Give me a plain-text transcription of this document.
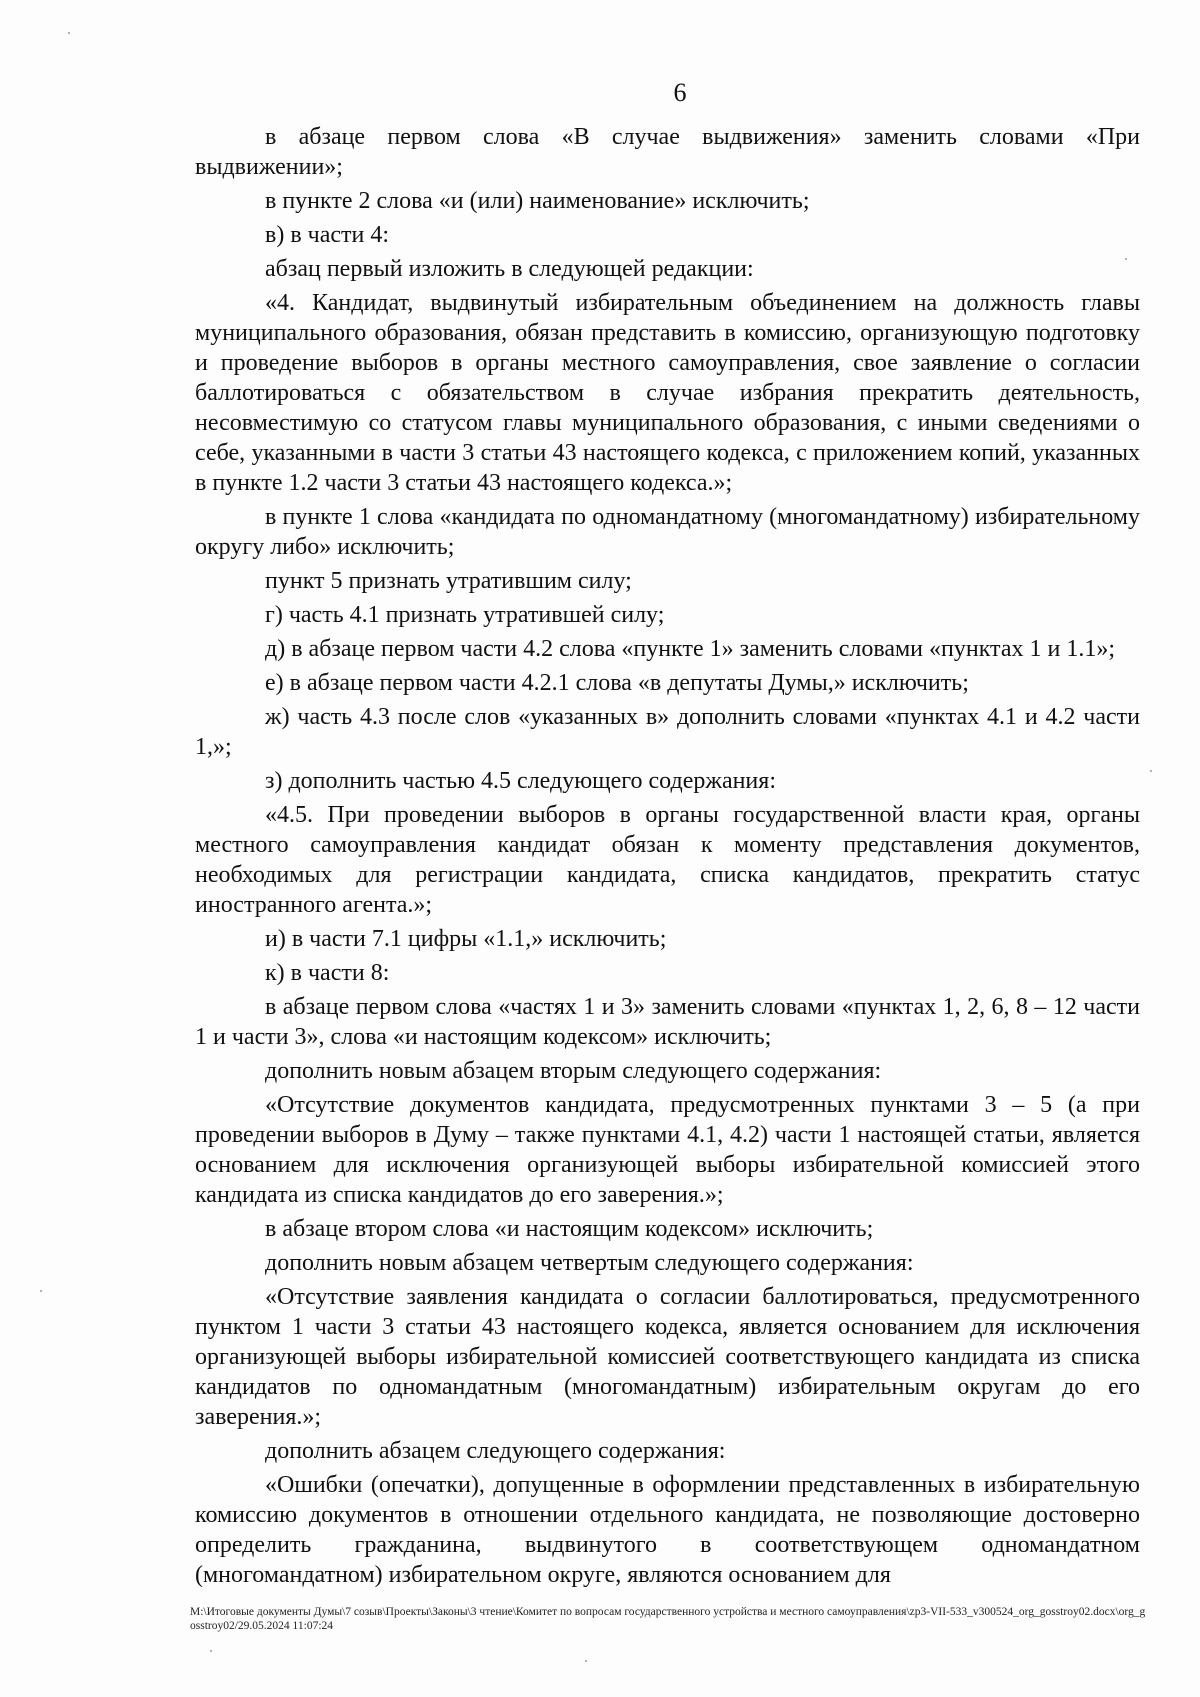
6

в абзаце первом слова «В случае выдвижения» заменить словами «При выдвижении»;

в пункте 2 слова «и (или) наименование» исключить;

в) в части 4:

абзац первый изложить в следующей редакции:

«4. Кандидат, выдвинутый избирательным объединением на должность главы муниципального образования, обязан представить в комиссию, организующую подготовку и проведение выборов в органы местного самоуправления, свое заявление о согласии баллотироваться с обязательством в случае избрания прекратить деятельность, несовместимую со статусом главы муниципального образования, с иными сведениями о себе, указанными в части 3 статьи 43 настоящего кодекса, с приложением копий, указанных в пункте 1.2 части 3 статьи 43 настоящего кодекса.»;

в пункте 1 слова «кандидата по одномандатному (многомандатному) избирательному округу либо» исключить;

пункт 5 признать утратившим силу;

г) часть 4.1 признать утратившей силу;

д) в абзаце первом части 4.2 слова «пункте 1» заменить словами «пунктах 1 и 1.1»;

е) в абзаце первом части 4.2.1 слова «в депутаты Думы,» исключить;

ж) часть 4.3 после слов «указанных в» дополнить словами «пунктах 4.1 и 4.2 части 1,»;

з) дополнить частью 4.5 следующего содержания:

«4.5. При проведении выборов в органы государственной власти края, органы местного самоуправления кандидат обязан к моменту представления документов, необходимых для регистрации кандидата, списка кандидатов, прекратить статус иностранного агента.»;

и) в части 7.1 цифры «1.1,» исключить;

к) в части 8:

в абзаце первом слова «частях 1 и 3» заменить словами «пунктах 1, 2, 6, 8 – 12 части 1 и части 3», слова «и настоящим кодексом» исключить;

дополнить новым абзацем вторым следующего содержания:

«Отсутствие документов кандидата, предусмотренных пунктами 3 – 5 (а при проведении выборов в Думу – также пунктами 4.1, 4.2) части 1 настоящей статьи, является основанием для исключения организующей выборы избирательной комиссией этого кандидата из списка кандидатов до его заверения.»;

в абзаце втором слова «и настоящим кодексом» исключить;

дополнить новым абзацем четвертым следующего содержания:

«Отсутствие заявления кандидата о согласии баллотироваться, предусмотренного пунктом 1 части 3 статьи 43 настоящего кодекса, является основанием для исключения организующей выборы избирательной комиссией соответствующего кандидата из списка кандидатов по одномандатным (многомандатным) избирательным округам до его заверения.»;

дополнить абзацем следующего содержания:

«Ошибки (опечатки), допущенные в оформлении представленных в избирательную комиссию документов в отношении отдельного кандидата, не позволяющие достоверно определить гражданина, выдвинутого в соответствующем одномандатном (многомандатном) избирательном округе, являются основанием для

M:\Итоговые документы Думы\7 созыв\Проекты\Законы\3 чтение\Комитет по вопросам государственного устройства и местного самоуправления\zp3-VII-533_v300524_org_gosstroy02.docx\org_gosstroy02/29.05.2024 11:07:24
